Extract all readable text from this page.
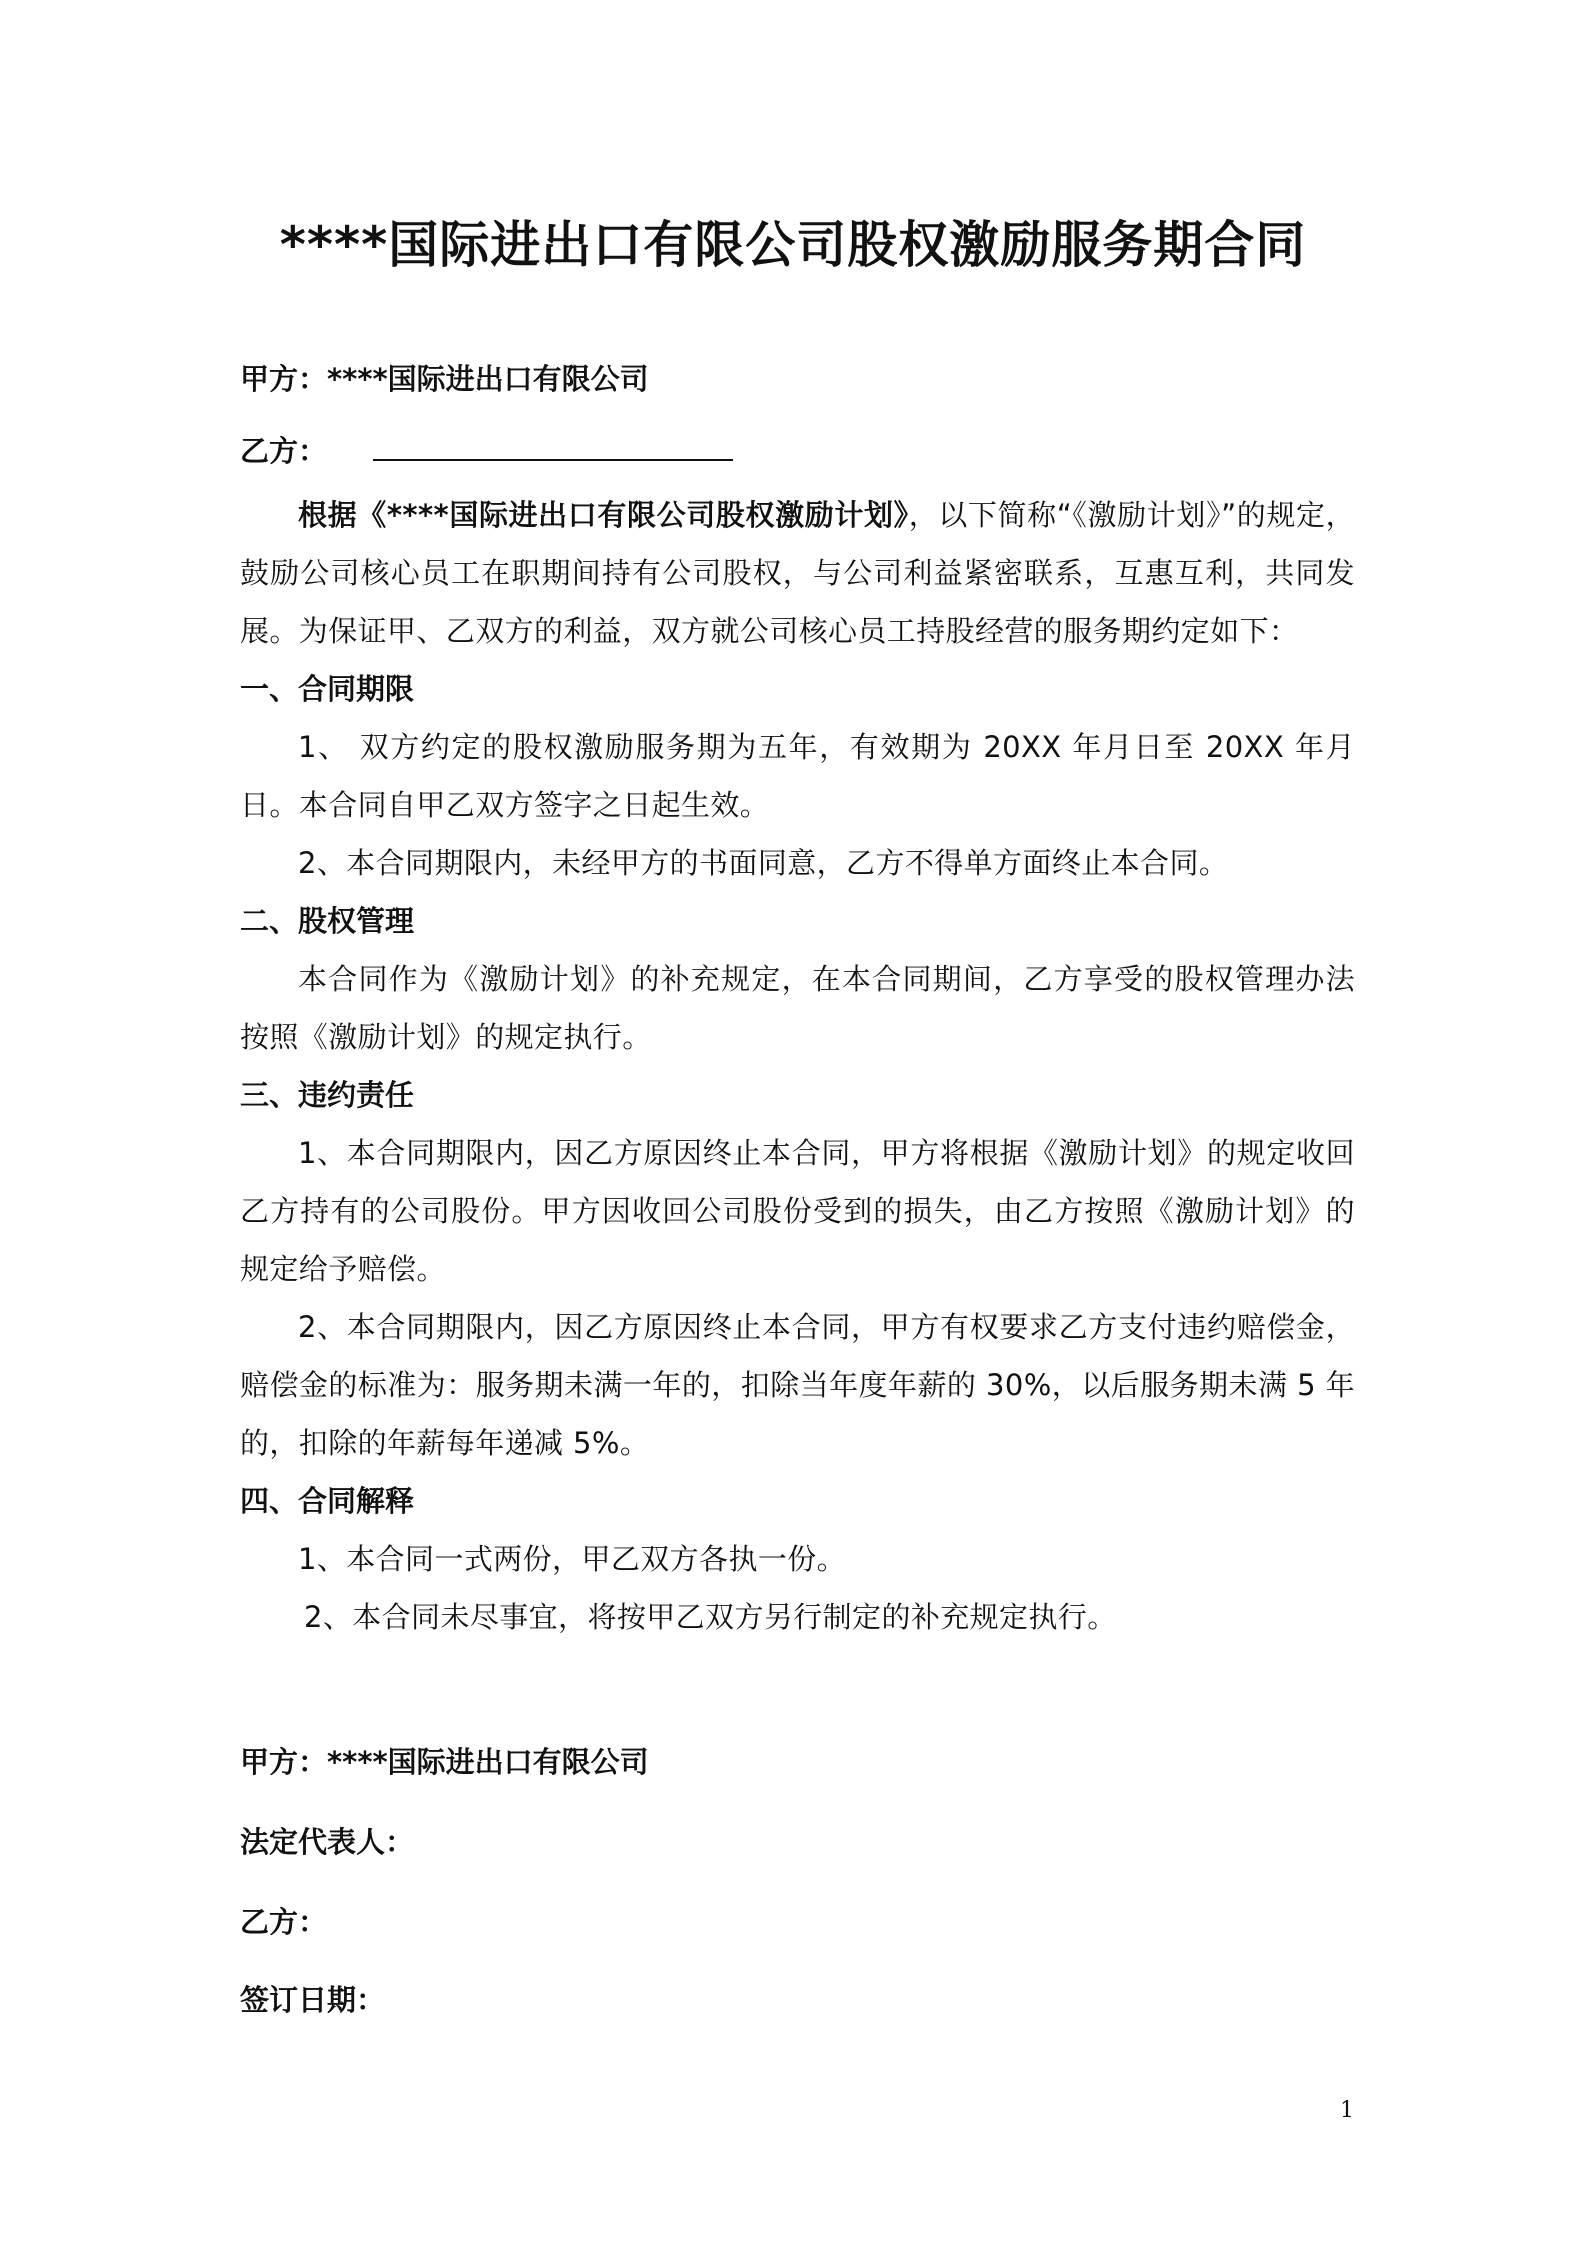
****国际进出口有限公司股权激励服务期合同

甲方：****国际进出口有限公司

乙方：

根据《****国际进出口有限公司股权激励计划》，以下简称“《激励计划》”的规定，鼓励公司核心员工在职期间持有公司股权，与公司利益紧密联系，互惠互利，共同发展。为保证甲、乙双方的利益，双方就公司核心员工持股经营的服务期约定如下：

一、合同期限

1、 双方约定的股权激励服务期为五年，有效期为 20XX 年月日至 20XX 年月日。本合同自甲乙双方签字之日起生效。

2、本合同期限内，未经甲方的书面同意，乙方不得单方面终止本合同。

二、股权管理

本合同作为《激励计划》的补充规定，在本合同期间，乙方享受的股权管理办法按照《激励计划》的规定执行。

三、违约责任

1、本合同期限内，因乙方原因终止本合同，甲方将根据《激励计划》的规定收回乙方持有的公司股份。甲方因收回公司股份受到的损失，由乙方按照《激励计划》的规定给予赔偿。

2、本合同期限内，因乙方原因终止本合同，甲方有权要求乙方支付违约赔偿金，赔偿金的标准为：服务期未满一年的，扣除当年度年薪的 30%，以后服务期未满 5 年的，扣除的年薪每年递减 5%。

四、合同解释

1、本合同一式两份，甲乙双方各执一份。

2、本合同未尽事宜，将按甲乙双方另行制定的补充规定执行。

甲方：****国际进出口有限公司

法定代表人：

乙方：

签订日期：

1
